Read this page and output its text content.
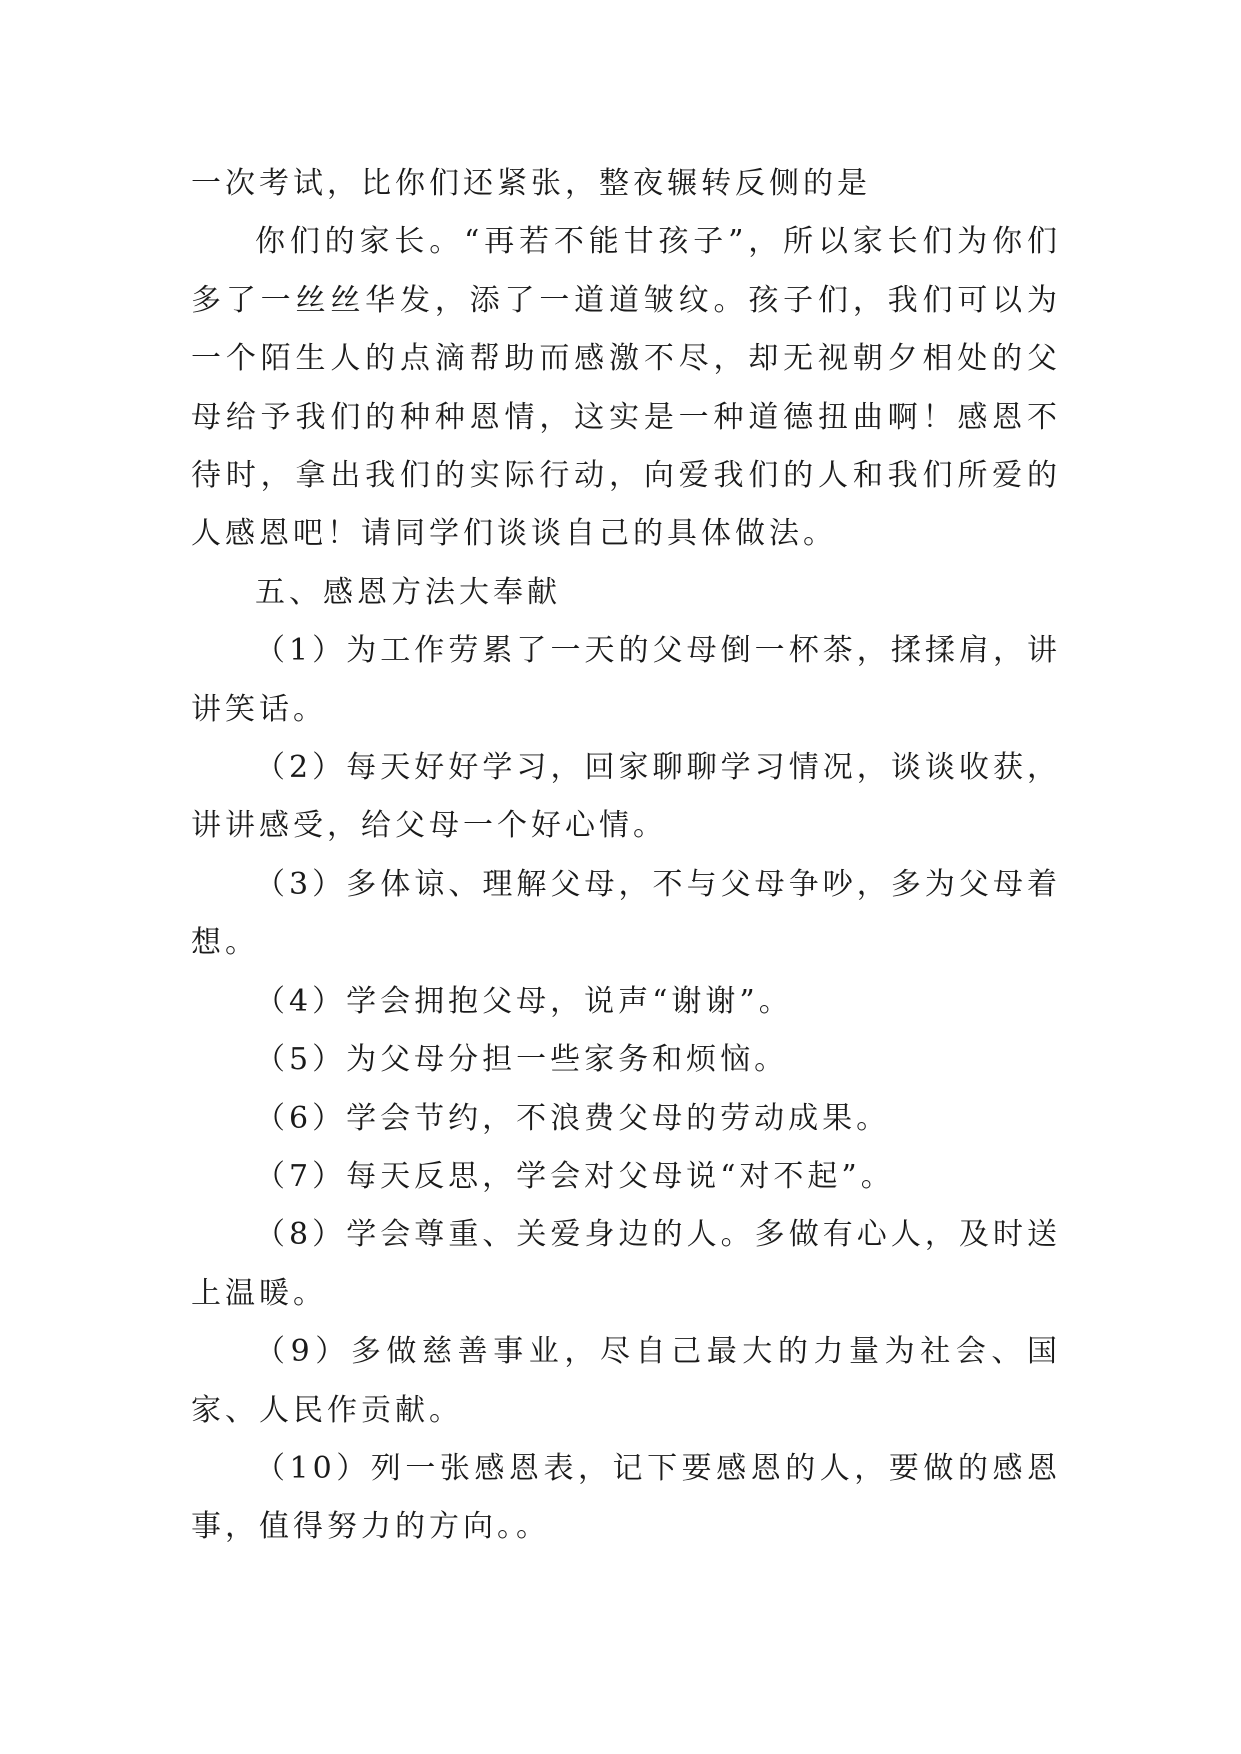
一次考试，比你们还紧张，整夜辗转反侧的是

你们的家长。“再若不能甘孩子”，所以家长们为你们多了一丝丝华发，添了一道道皱纹。孩子们，我们可以为一个陌生人的点滴帮助而感激不尽，却无视朝夕相处的父母给予我们的种种恩情，这实是一种道德扭曲啊！感恩不待时，拿出我们的实际行动，向爱我们的人和我们所爱的人感恩吧！请同学们谈谈自己的具体做法。

五、感恩方法大奉献

（1）为工作劳累了一天的父母倒一杯茶，揉揉肩，讲讲笑话。

（2）每天好好学习，回家聊聊学习情况，谈谈收获，讲讲感受，给父母一个好心情。

（3）多体谅、理解父母，不与父母争吵，多为父母着想。

（4）学会拥抱父母，说声“谢谢”。

（5）为父母分担一些家务和烦恼。

（6）学会节约，不浪费父母的劳动成果。

（7）每天反思，学会对父母说“对不起”。

（8）学会尊重、关爱身边的人。多做有心人，及时送上温暖。

（9）多做慈善事业，尽自己最大的力量为社会、国家、人民作贡献。

（10）列一张感恩表，记下要感恩的人，要做的感恩事，值得努力的方向。。
